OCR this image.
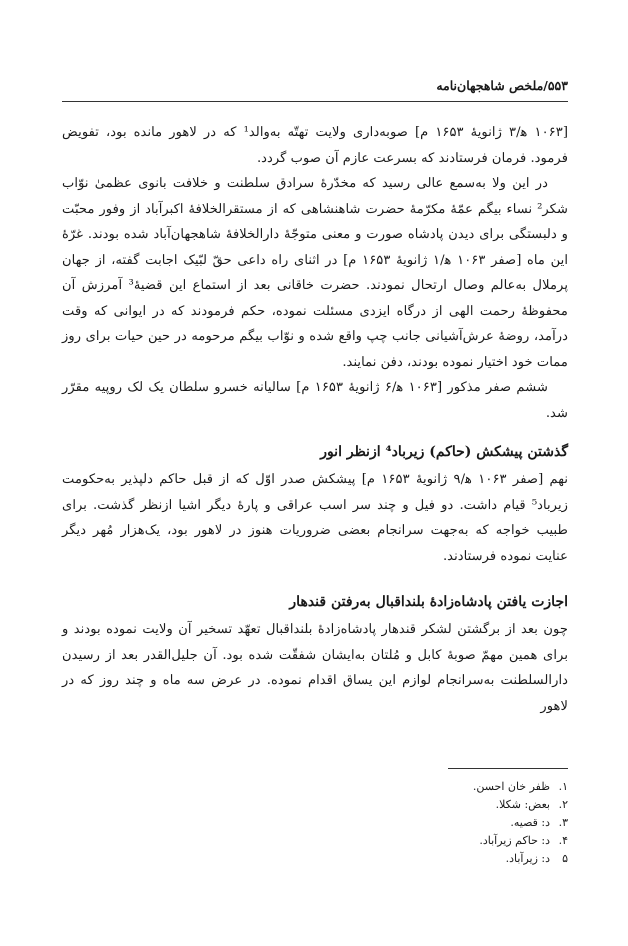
۵۵۳/ملخص شاهجهان‌نامه

[۱۰۶۳ ﻫ/۳ ژانویهٔ ۱۶۵۳ م] صوبه‌داری ولایت تهتّه به‌والد¹ که در لاهور مانده بود، تفویض فرمود. فرمان فرستادند که بسرعت عازم آن صوب گردد.

در این ولا به‌سمع عالی رسید که مخدّرهٔ سرادق سلطنت و خلافت بانوی عظمیٰ نوّاب شکر² نساء بیگم عمّهٔ مکرّمهٔ حضرت شاهنشاهی که از مستقرالخلافهٔ اکبرآباد از وفور محبّت و دلبستگی برای دیدن پادشاه صورت و معنی متوجّهٔ دارالخلافهٔ شاهجهان‌آباد شده بودند. غرّهٔ این ماه [صفر ۱۰۶۳ ﻫ/۱ ژانویهٔ ۱۶۵۳ م] در اثنای راه داعی حقّ لبّیک اجابت گفته، از جهان پرملال به‌عالم وصال ارتحال نمودند. حضرت خاقانی بعد از استماع این قضیهٔ³ آمرزش آن محفوظهٔ رحمت الهی از درگاه ایزدی مسئلت نموده، حکم فرمودند که در ایوانی که وقت درآمد، روضهٔ عرش‌آشیانی جانب چپ واقع شده و نوّاب بیگم مرحومه در حین حیات برای روز ممات خود اختیار نموده بودند، دفن نمایند.

ششم صفر مذکور [۱۰۶۳ ﻫ/۶ ژانویهٔ ۱۶۵۳ م] سالیانه خسرو سلطان یک لک روپیه مقرّر شد.

گذشتن پیشکش (حاکم) زیرباد⁴ ازنظر انور

نهم [صفر ۱۰۶۳ ﻫ/۹ ژانویهٔ ۱۶۵۳ م] پیشکش صدر اوّل که از قبل حاکم دلپذیر به‌حکومت زیرباد⁵ قیام داشت. دو فیل و چند سر اسب عراقی و پارهٔ دیگر اشیا ازنظر گذشت. برای طبیب خواجه که به‌جهت سرانجام بعضی ضروریات هنوز در لاهور بود، یک‌هزار مُهر دیگر عنایت نموده فرستادند.

اجازت یافتن پادشاه‌زادهٔ بلنداقبال به‌رفتن قندهار

چون بعد از برگشتن لشکر قندهار پادشاه‌زادهٔ بلنداقبال تعهّد تسخیر آن ولایت نموده بودند و برای همین مهمّ صوبهٔ کابل و مُلتان به‌ایشان شفقّت شده بود. آن جلیل‌القدر بعد از رسیدن دارالسلطنت به‌سرانجام لوازم این یساق اقدام نموده. در عرض سه ماه و چند روز که در لاهور

۱.ظفر خان احسن.
۲.بعض: شکلا.
۳.د: قصیه.
۴.د: حاکم زیرآباد.
۵د: زیرآباد.
